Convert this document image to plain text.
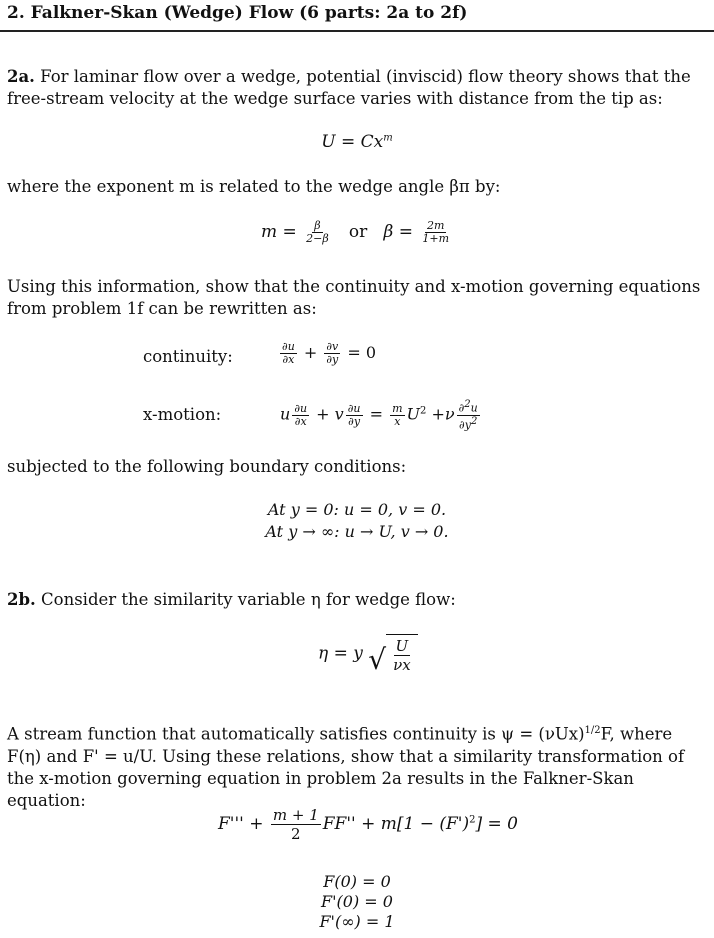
2. Falkner-Skan (Wedge) Flow (6 parts: 2a to 2f)
2a. For laminar flow over a wedge, potential (inviscid) flow theory shows that the free-stream velocity at the wedge surface varies with distance from the tip as:
$U = Cx^m$
where the exponent m is related to the wedge angle βπ by:
$m = \frac{\beta}{2-\beta}$ or $\beta = \frac{2m}{1+m}$
Using this information, show that the continuity and x-motion governing equations from problem 1f can be rewritten as:
continuity:	$\frac{\partial u}{\partial x} + \frac{\partial v}{\partial y} = 0$
x-motion:	u $\frac{\partial u}{\partial x} + v \frac{\partial u}{\partial y} = \frac{m}{x} U^2 +\nu \frac{\partial^2u}{\partial y^2}$
subjected to the following boundary conditions:
At y = 0: u = 0, v = 0.
At y → ∞: u → U, v → 0.
2b. Consider the similarity variable η for wedge flow:
η = y √ $\frac{U}{\nu x}$
A stream function that automatically satisfies continuity is $\psi = (\nu Ux)^{1/2}F$, where F(η) and F' = u/U. Using these relations, show that a similarity transformation of the x-motion governing equation in problem 2a results in the Falkner-Skan equation:
$F''' + \frac{m + 1}{2} FF'' + m[1 - (F')^2] = 0$
F(0) = 0
F'(0) = 0
F'(∞) = 1
